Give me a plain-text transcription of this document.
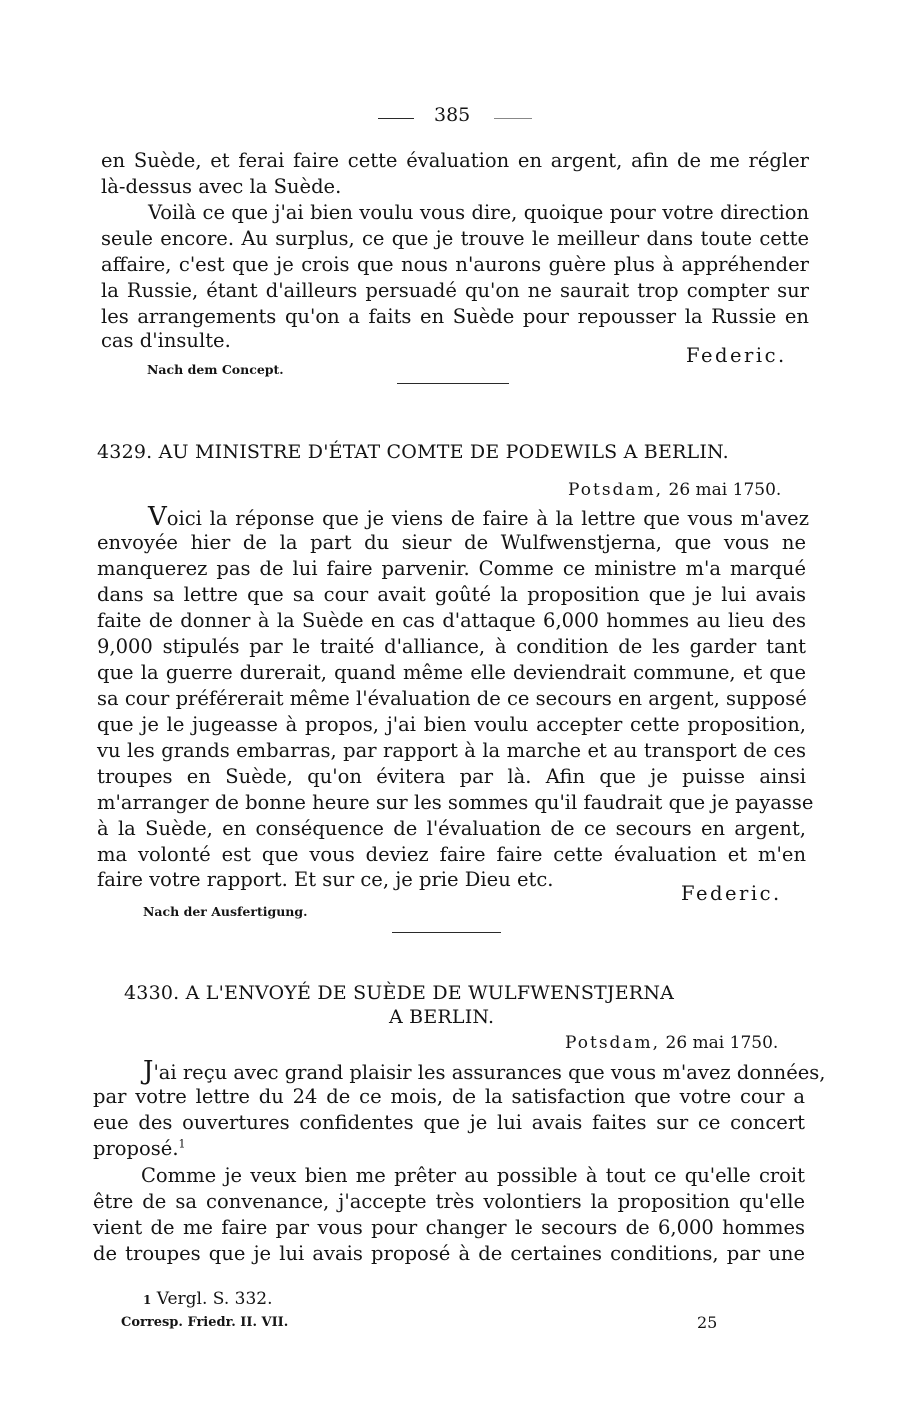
385
en Suède, et ferai faire cette évaluation en argent, afin de me régler
là-dessus avec la Suède.
Voilà ce que j'ai bien voulu vous dire, quoique pour votre direction
seule encore. Au surplus, ce que je trouve le meilleur dans toute cette
affaire, c'est que je crois que nous n'aurons guère plus à appréhender
la Russie, étant d'ailleurs persuadé qu'on ne saurait trop compter sur
les arrangements qu'on a faits en Suède pour repousser la Russie en
cas d'insulte.
Federic.
Nach dem Concept.
4329. AU MINISTRE D'ÉTAT COMTE DE PODEWILS A BERLIN.
Potsdam, 26 mai 1750.
Voici la réponse que je viens de faire à la lettre que vous m'avez
envoyée hier de la part du sieur de Wulfwenstjerna, que vous ne
manquerez pas de lui faire parvenir. Comme ce ministre m'a marqué
dans sa lettre que sa cour avait goûté la proposition que je lui avais
faite de donner à la Suède en cas d'attaque 6,000 hommes au lieu des
9,000 stipulés par le traité d'alliance, à condition de les garder tant
que la guerre durerait, quand même elle deviendrait commune, et que
sa cour préférerait même l'évaluation de ce secours en argent, supposé
que je le jugeasse à propos, j'ai bien voulu accepter cette proposition,
vu les grands embarras, par rapport à la marche et au transport de ces
troupes en Suède, qu'on évitera par là. Afin que je puisse ainsi
m'arranger de bonne heure sur les sommes qu'il faudrait que je payasse
à la Suède, en conséquence de l'évaluation de ce secours en argent,
ma volonté est que vous deviez faire faire cette évaluation et m'en
faire votre rapport. Et sur ce, je prie Dieu etc.
Federic.
Nach der Ausfertigung.
4330. A L'ENVOYÉ DE SUÈDE DE WULFWENSTJERNA
A BERLIN.
Potsdam, 26 mai 1750.
J'ai reçu avec grand plaisir les assurances que vous m'avez données,
par votre lettre du 24 de ce mois, de la satisfaction que votre cour a
eue des ouvertures confidentes que je lui avais faites sur ce concert
proposé.$^1$
Comme je veux bien me prêter au possible à tout ce qu'elle croit
être de sa convenance, j'accepte très volontiers la proposition qu'elle
vient de me faire par vous pour changer le secours de 6,000 hommes
de troupes que je lui avais proposé à de certaines conditions, par une
1 Vergl. S. 332.
Corresp. Friedr. II. VII.	25
